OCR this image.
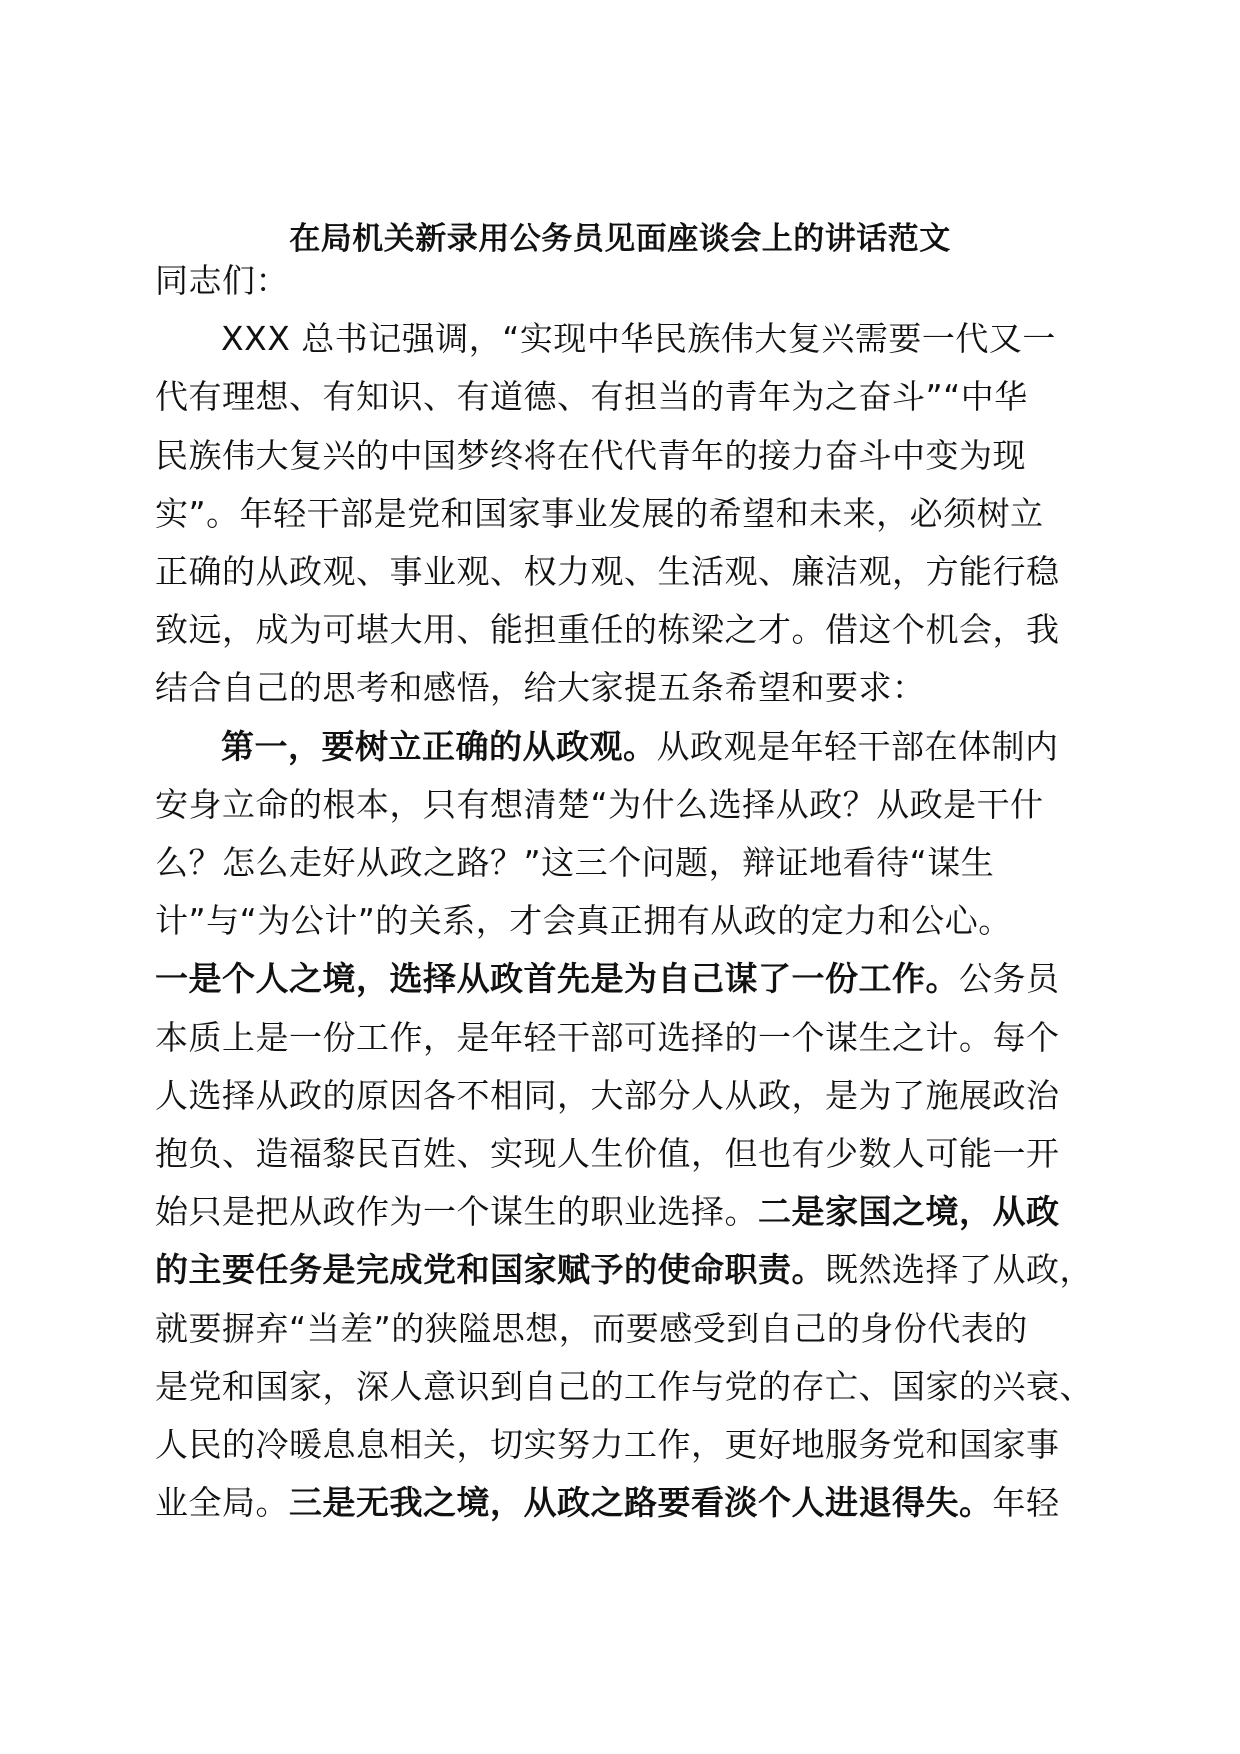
在局机关新录用公务员见面座谈会上的讲话范文
同志们：
XXX 总书记强调，“实现中华民族伟大复兴需要一代又一
代有理想、有知识、有道德、有担当的青年为之奋斗”“中华
民族伟大复兴的中国梦终将在代代青年的接力奋斗中变为现
实”。年轻干部是党和国家事业发展的希望和未来，必须树立
正确的从政观、事业观、权力观、生活观、廉洁观，方能行稳
致远，成为可堪大用、能担重任的栋梁之才。借这个机会，我
结合自己的思考和感悟，给大家提五条希望和要求：
第一，要树立正确的从政观。从政观是年轻干部在体制内
安身立命的根本，只有想清楚“为什么选择从政？从政是干什
么？怎么走好从政之路？”这三个问题，辩证地看待“谋生
计”与“为公计”的关系，才会真正拥有从政的定力和公心。
一是个人之境，选择从政首先是为自己谋了一份工作。公务员
本质上是一份工作，是年轻干部可选择的一个谋生之计。每个
人选择从政的原因各不相同，大部分人从政，是为了施展政治
抱负、造福黎民百姓、实现人生价值，但也有少数人可能一开
始只是把从政作为一个谋生的职业选择。二是家国之境，从政
的主要任务是完成党和国家赋予的使命职责。既然选择了从政，
就要摒弃“当差”的狭隘思想，而要感受到自己的身份代表的
是党和国家，深人意识到自己的工作与党的存亡、国家的兴衰、
人民的冷暖息息相关，切实努力工作，更好地服务党和国家事
业全局。三是无我之境，从政之路要看淡个人进退得失。年轻
